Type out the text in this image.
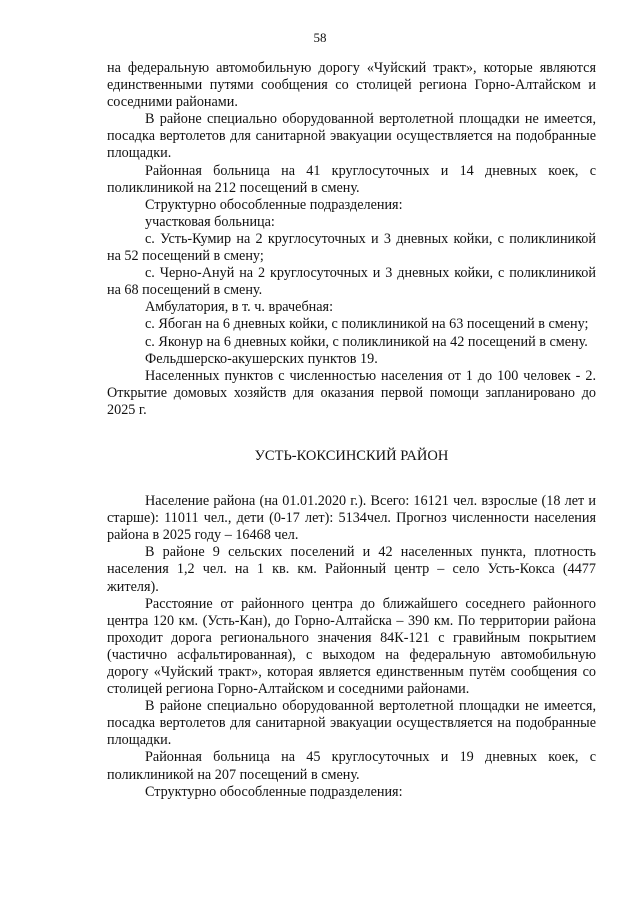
58

на федеральную автомобильную дорогу «Чуйский тракт», которые являются единственными путями сообщения со столицей региона Горно-Алтайском и соседними районами.

В районе специально оборудованной вертолетной площадки не имеется, посадка вертолетов для санитарной эвакуации осуществляется на подобранные площадки.

Районная больница на 41 круглосуточных и 14 дневных коек, с поликлиникой на 212 посещений в смену.

Структурно обособленные подразделения:

участковая больница:

с. Усть-Кумир на 2 круглосуточных и 3 дневных койки, с поликлиникой на 52 посещений в смену;

с. Черно-Ануй на 2 круглосуточных и 3 дневных койки, с поликлиникой на 68 посещений в смену.

Амбулатория, в т. ч. врачебная:

с. Ябоган на 6 дневных койки, с поликлиникой на 63 посещений в смену;

с. Яконур на 6 дневных койки, с поликлиникой на 42 посещений в смену.

Фельдшерско-акушерских пунктов 19.

Населенных пунктов с численностью населения от 1 до 100 человек - 2. Открытие домовых хозяйств для оказания первой помощи запланировано до 2025 г.

УСТЬ-КОКСИНСКИЙ РАЙОН

Население района (на 01.01.2020 г.). Всего: 16121 чел. взрослые (18 лет и старше): 11011 чел., дети (0-17 лет): 5134чел. Прогноз численности населения района в 2025 году – 16468 чел.

В районе 9 сельских поселений и 42 населенных пункта, плотность населения 1,2 чел. на 1 кв. км. Районный центр – село Усть-Кокса (4477 жителя).

Расстояние от районного центра до ближайшего соседнего районного центра 120 км. (Усть-Кан), до Горно-Алтайска – 390 км. По территории района проходит дорога регионального значения 84К-121 с гравийным покрытием (частично асфальтированная), с выходом на федеральную автомобильную дорогу «Чуйский тракт», которая является единственным путём сообщения со столицей региона Горно-Алтайском и соседними районами.

В районе специально оборудованной вертолетной площадки не имеется, посадка вертолетов для санитарной эвакуации осуществляется на подобранные площадки.

Районная больница на 45 круглосуточных и 19 дневных коек, с поликлиникой на 207 посещений в смену.

Структурно обособленные подразделения:
